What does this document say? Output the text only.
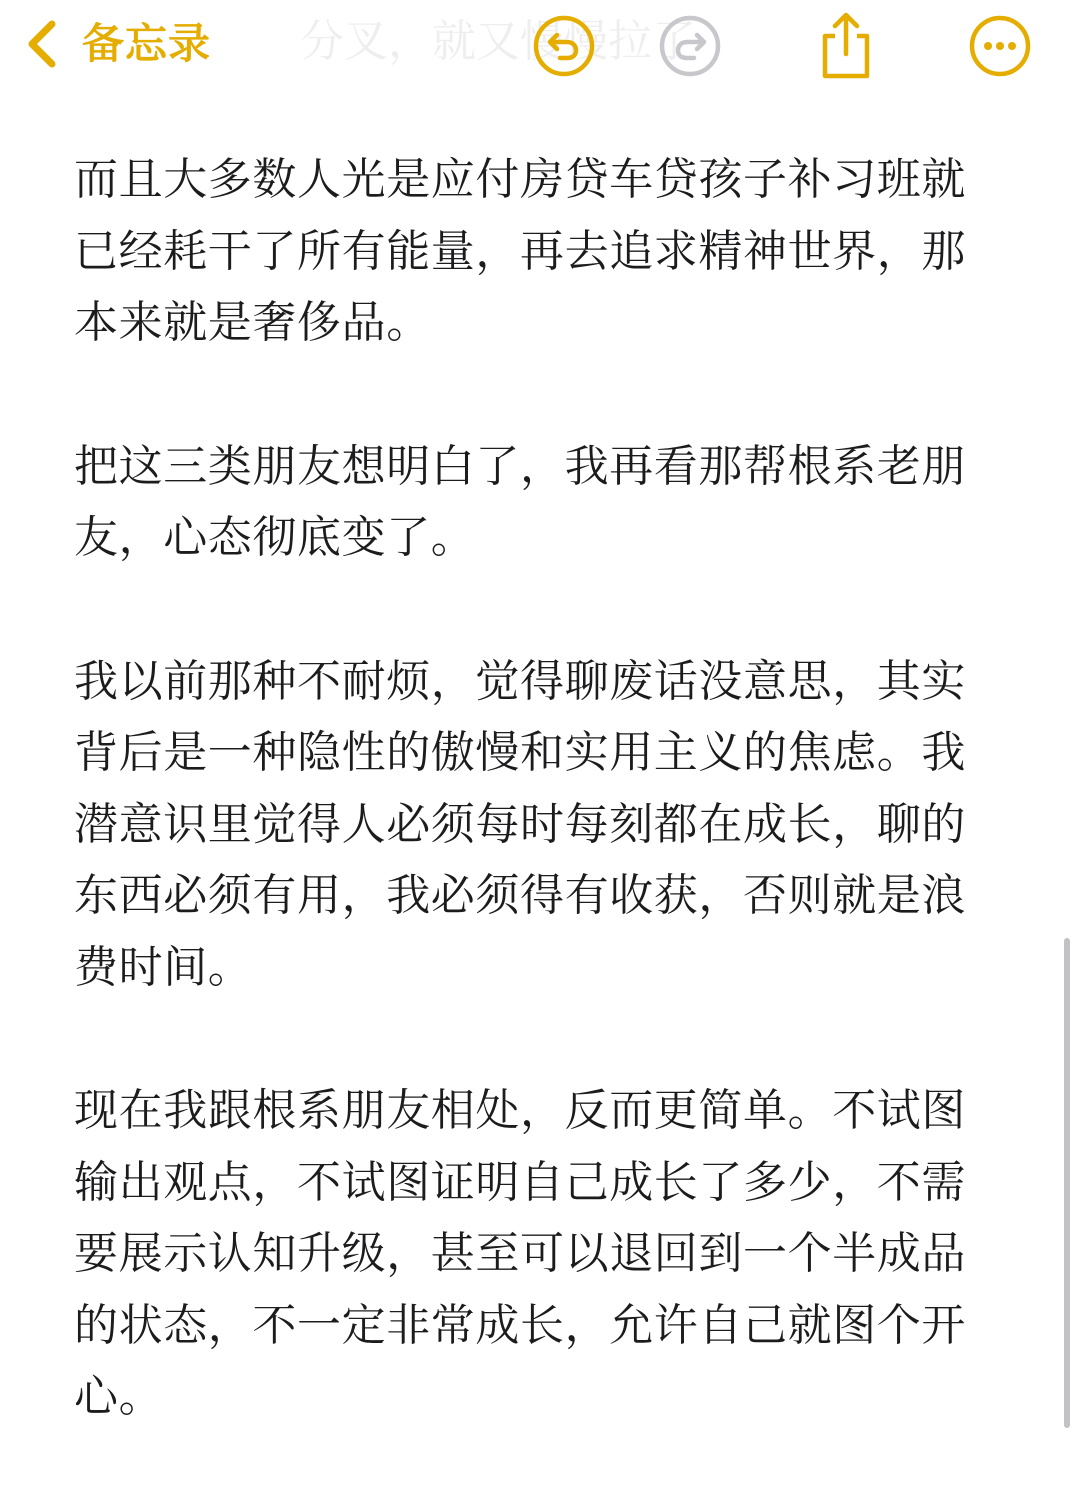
分叉，就又慢慢拉了
备忘录

而且大多数人光是应付房贷车贷孩子补习班就已经耗干了所有能量，再去追求精神世界，那本来就是奢侈品。

把这三类朋友想明白了，我再看那帮根系老朋友，心态彻底变了。

我以前那种不耐烦，觉得聊废话没意思，其实背后是一种隐性的傲慢和实用主义的焦虑。我潜意识里觉得人必须每时每刻都在成长，聊的东西必须有用，我必须得有收获，否则就是浪费时间。

现在我跟根系朋友相处，反而更简单。不试图输出观点，不试图证明自己成长了多少，不需要展示认知升级，甚至可以退回到一个半成品的状态，不一定非常成长，允许自己就图个开心。
